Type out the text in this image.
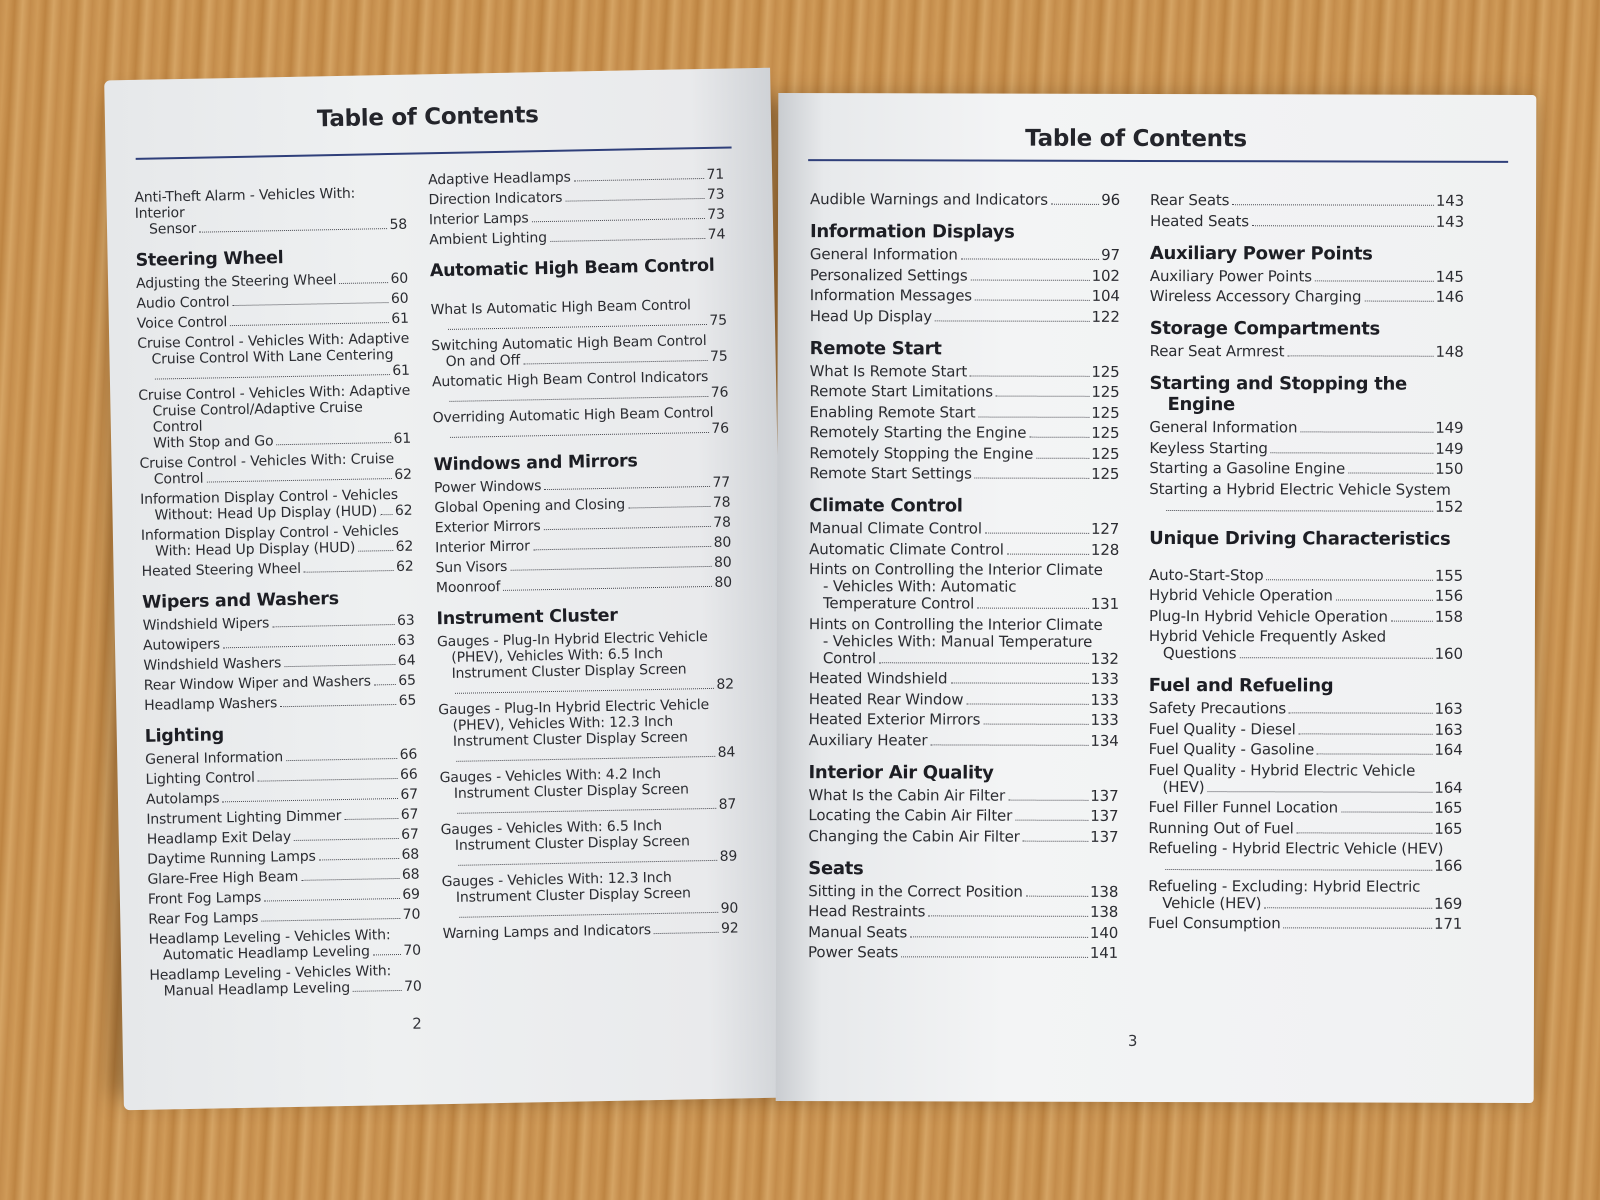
Table of Contents
Anti-Theft Alarm - Vehicles With: Interior
Sensor	58
Steering Wheel
Adjusting the Steering Wheel	60
Audio Control	60
Voice Control	61
Cruise Control - Vehicles With: Adaptive
Cruise Control With Lane Centering
61
Cruise Control - Vehicles With: Adaptive
Cruise Control/Adaptive Cruise Control
With Stop and Go	61
Cruise Control - Vehicles With: Cruise
Control	62
Information Display Control - Vehicles
Without: Head Up Display (HUD) 62
Information Display Control - Vehicles
With: Head Up Display (HUD)	62
Heated Steering Wheel	62
Wipers and Washers
Windshield Wipers	63
Autowipers	63
Windshield Washers	64
Rear Window Wiper and Washers 65
Headlamp Washers	65
Lighting
General Information	66
Lighting Control	66
Autolamps	67
Instrument Lighting Dimmer	67
Headlamp Exit Delay	67
Daytime Running Lamps	68
Glare-Free High Beam	68
Front Fog Lamps	69
Rear Fog Lamps	70
Headlamp Leveling - Vehicles With:
Automatic Headlamp Leveling 70
Headlamp Leveling - Vehicles With:
Manual Headlamp Leveling	70
Adaptive Headlamps	71
Direction Indicators	73
Interior Lamps	73
Ambient Lighting	74
Automatic High Beam Control
What Is Automatic High Beam Control
75
Switching Automatic High Beam Control
On and Off	75
Automatic High Beam Control Indicators
76
Overriding Automatic High Beam Control
76
Windows and Mirrors
Power Windows	77
Global Opening and Closing	78
Exterior Mirrors	78
Interior Mirror	80
Sun Visors	80
Moonroof	80
Instrument Cluster
Gauges - Plug-In Hybrid Electric Vehicle
(PHEV), Vehicles With: 6.5 Inch
Instrument Cluster Display Screen
82
Gauges - Plug-In Hybrid Electric Vehicle
(PHEV), Vehicles With: 12.3 Inch
Instrument Cluster Display Screen
84
Gauges - Vehicles With: 4.2 Inch
Instrument Cluster Display Screen
87
Gauges - Vehicles With: 6.5 Inch
Instrument Cluster Display Screen
89
Gauges - Vehicles With: 12.3 Inch
Instrument Cluster Display Screen
90
Warning Lamps and Indicators	92
2
Table of Contents
Audible Warnings and Indicators	96
Information Displays
General Information	97
Personalized Settings	102
Information Messages	104
Head Up Display	122
Remote Start
What Is Remote Start	125
Remote Start Limitations	125
Enabling Remote Start	125
Remotely Starting the Engine	125
Remotely Stopping the Engine	125
Remote Start Settings	125
Climate Control
Manual Climate Control	127
Automatic Climate Control	128
Hints on Controlling the Interior Climate
- Vehicles With: Automatic
Temperature Control	131
Hints on Controlling the Interior Climate
- Vehicles With: Manual Temperature
Control	132
Heated Windshield	133
Heated Rear Window	133
Heated Exterior Mirrors	133
Auxiliary Heater	134
Interior Air Quality
What Is the Cabin Air Filter	137
Locating the Cabin Air Filter	137
Changing the Cabin Air Filter	137
Seats
Sitting in the Correct Position	138
Head Restraints	138
Manual Seats	140
Power Seats	141
Rear Seats	143
Heated Seats	143
Auxiliary Power Points
Auxiliary Power Points	145
Wireless Accessory Charging	146
Storage Compartments
Rear Seat Armrest	148
Starting and Stopping the
Engine
General Information	149
Keyless Starting	149
Starting a Gasoline Engine	150
Starting a Hybrid Electric Vehicle System
152
Unique Driving Characteristics
Auto-Start-Stop	155
Hybrid Vehicle Operation	156
Plug-In Hybrid Vehicle Operation	158
Hybrid Vehicle Frequently Asked
Questions	160
Fuel and Refueling
Safety Precautions	163
Fuel Quality - Diesel	163
Fuel Quality - Gasoline	164
Fuel Quality - Hybrid Electric Vehicle
(HEV)	164
Fuel Filler Funnel Location	165
Running Out of Fuel	165
Refueling - Hybrid Electric Vehicle (HEV)
166
Refueling - Excluding: Hybrid Electric
Vehicle (HEV)	169
Fuel Consumption	171
3
